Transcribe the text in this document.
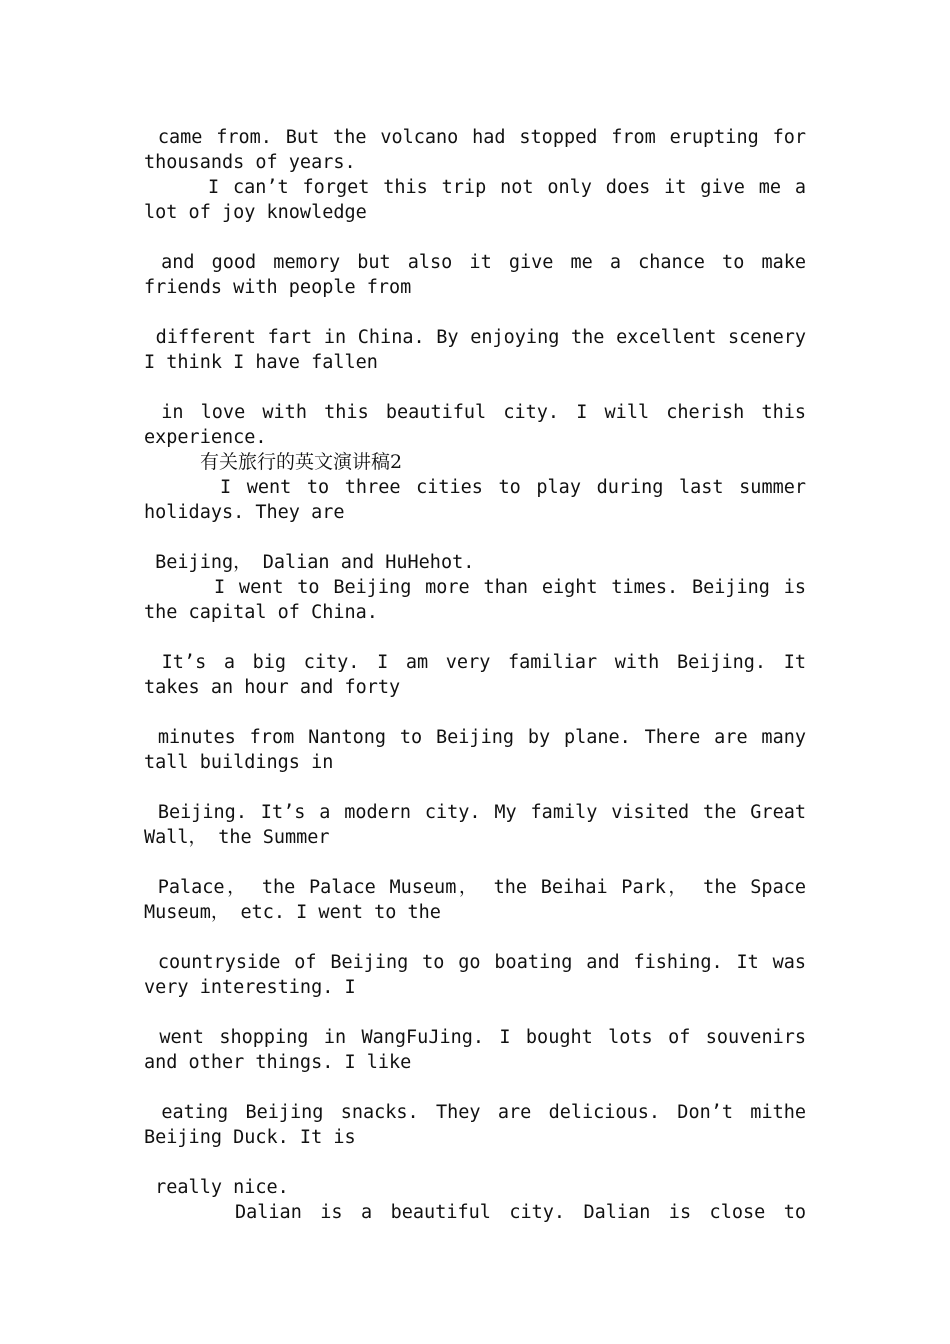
came from. But the volcano had stopped from erupting for
thousands of years.
I can’t forget this trip not only does it give me a
lot of joy knowledge
and good memory but also it give me a chance to make
friends with people from
different fart in China. By enjoying the excellent scenery
I think I have fallen
in love with this beautiful city. I will cherish this
experience.
有关旅行的英文演讲稿2
I went to three cities to play during last summer
holidays. They are
Beijing， Dalian and HuHehot.
I went to Beijing more than eight times. Beijing is
the capital of China.
It’s a big city. I am very familiar with Beijing. It
takes an hour and forty
minutes from Nantong to Beijing by plane. There are many
tall buildings in
Beijing. It’s a modern city. My family visited the Great
Wall， the Summer
Palace， the Palace Museum， the Beihai Park， the Space
Museum， etc. I went to the
countryside of Beijing to go boating and fishing. It was
very interesting. I
went shopping in WangFuJing. I bought lots of souvenirs
and other things. I like
eating Beijing snacks. They are delicious. Don’t mithe
Beijing Duck. It is
really nice.
Dalian is a beautiful city. Dalian is close to
